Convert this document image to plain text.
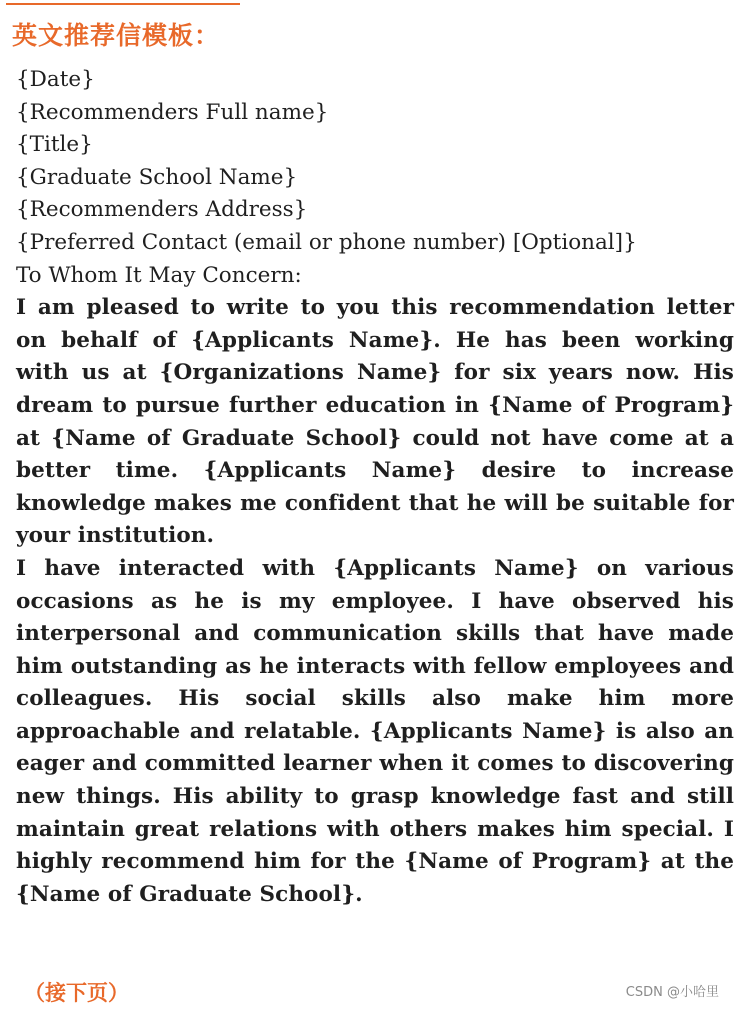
英文推荐信模板：

{Date}

{Recommenders Full name}

{Title}

{Graduate School Name}

{Recommenders Address}

{Preferred Contact (email or phone number) [Optional]}

To Whom It May Concern:

I am pleased to write to you this recommendation letter on behalf of {Applicants Name}. He has been working with us at {Organizations Name} for six years now. His dream to pursue further education in {Name of Program} at {Name of Graduate School} could not have come at a better time. {Applicants Name} desire to increase knowledge makes me confident that he will be suitable for your institution.

I have interacted with {Applicants Name} on various occasions as he is my employee. I have observed his interpersonal and communication skills that have made him outstanding as he interacts with fellow employees and colleagues. His social skills also make him more approachable and relatable. {Applicants Name} is also an eager and committed learner when it comes to discovering new things. His ability to grasp knowledge fast and still maintain great relations with others makes him special. I highly recommend him for the {Name of Program} at the {Name of Graduate School}.

（接下页）	CSDN @小哈里
